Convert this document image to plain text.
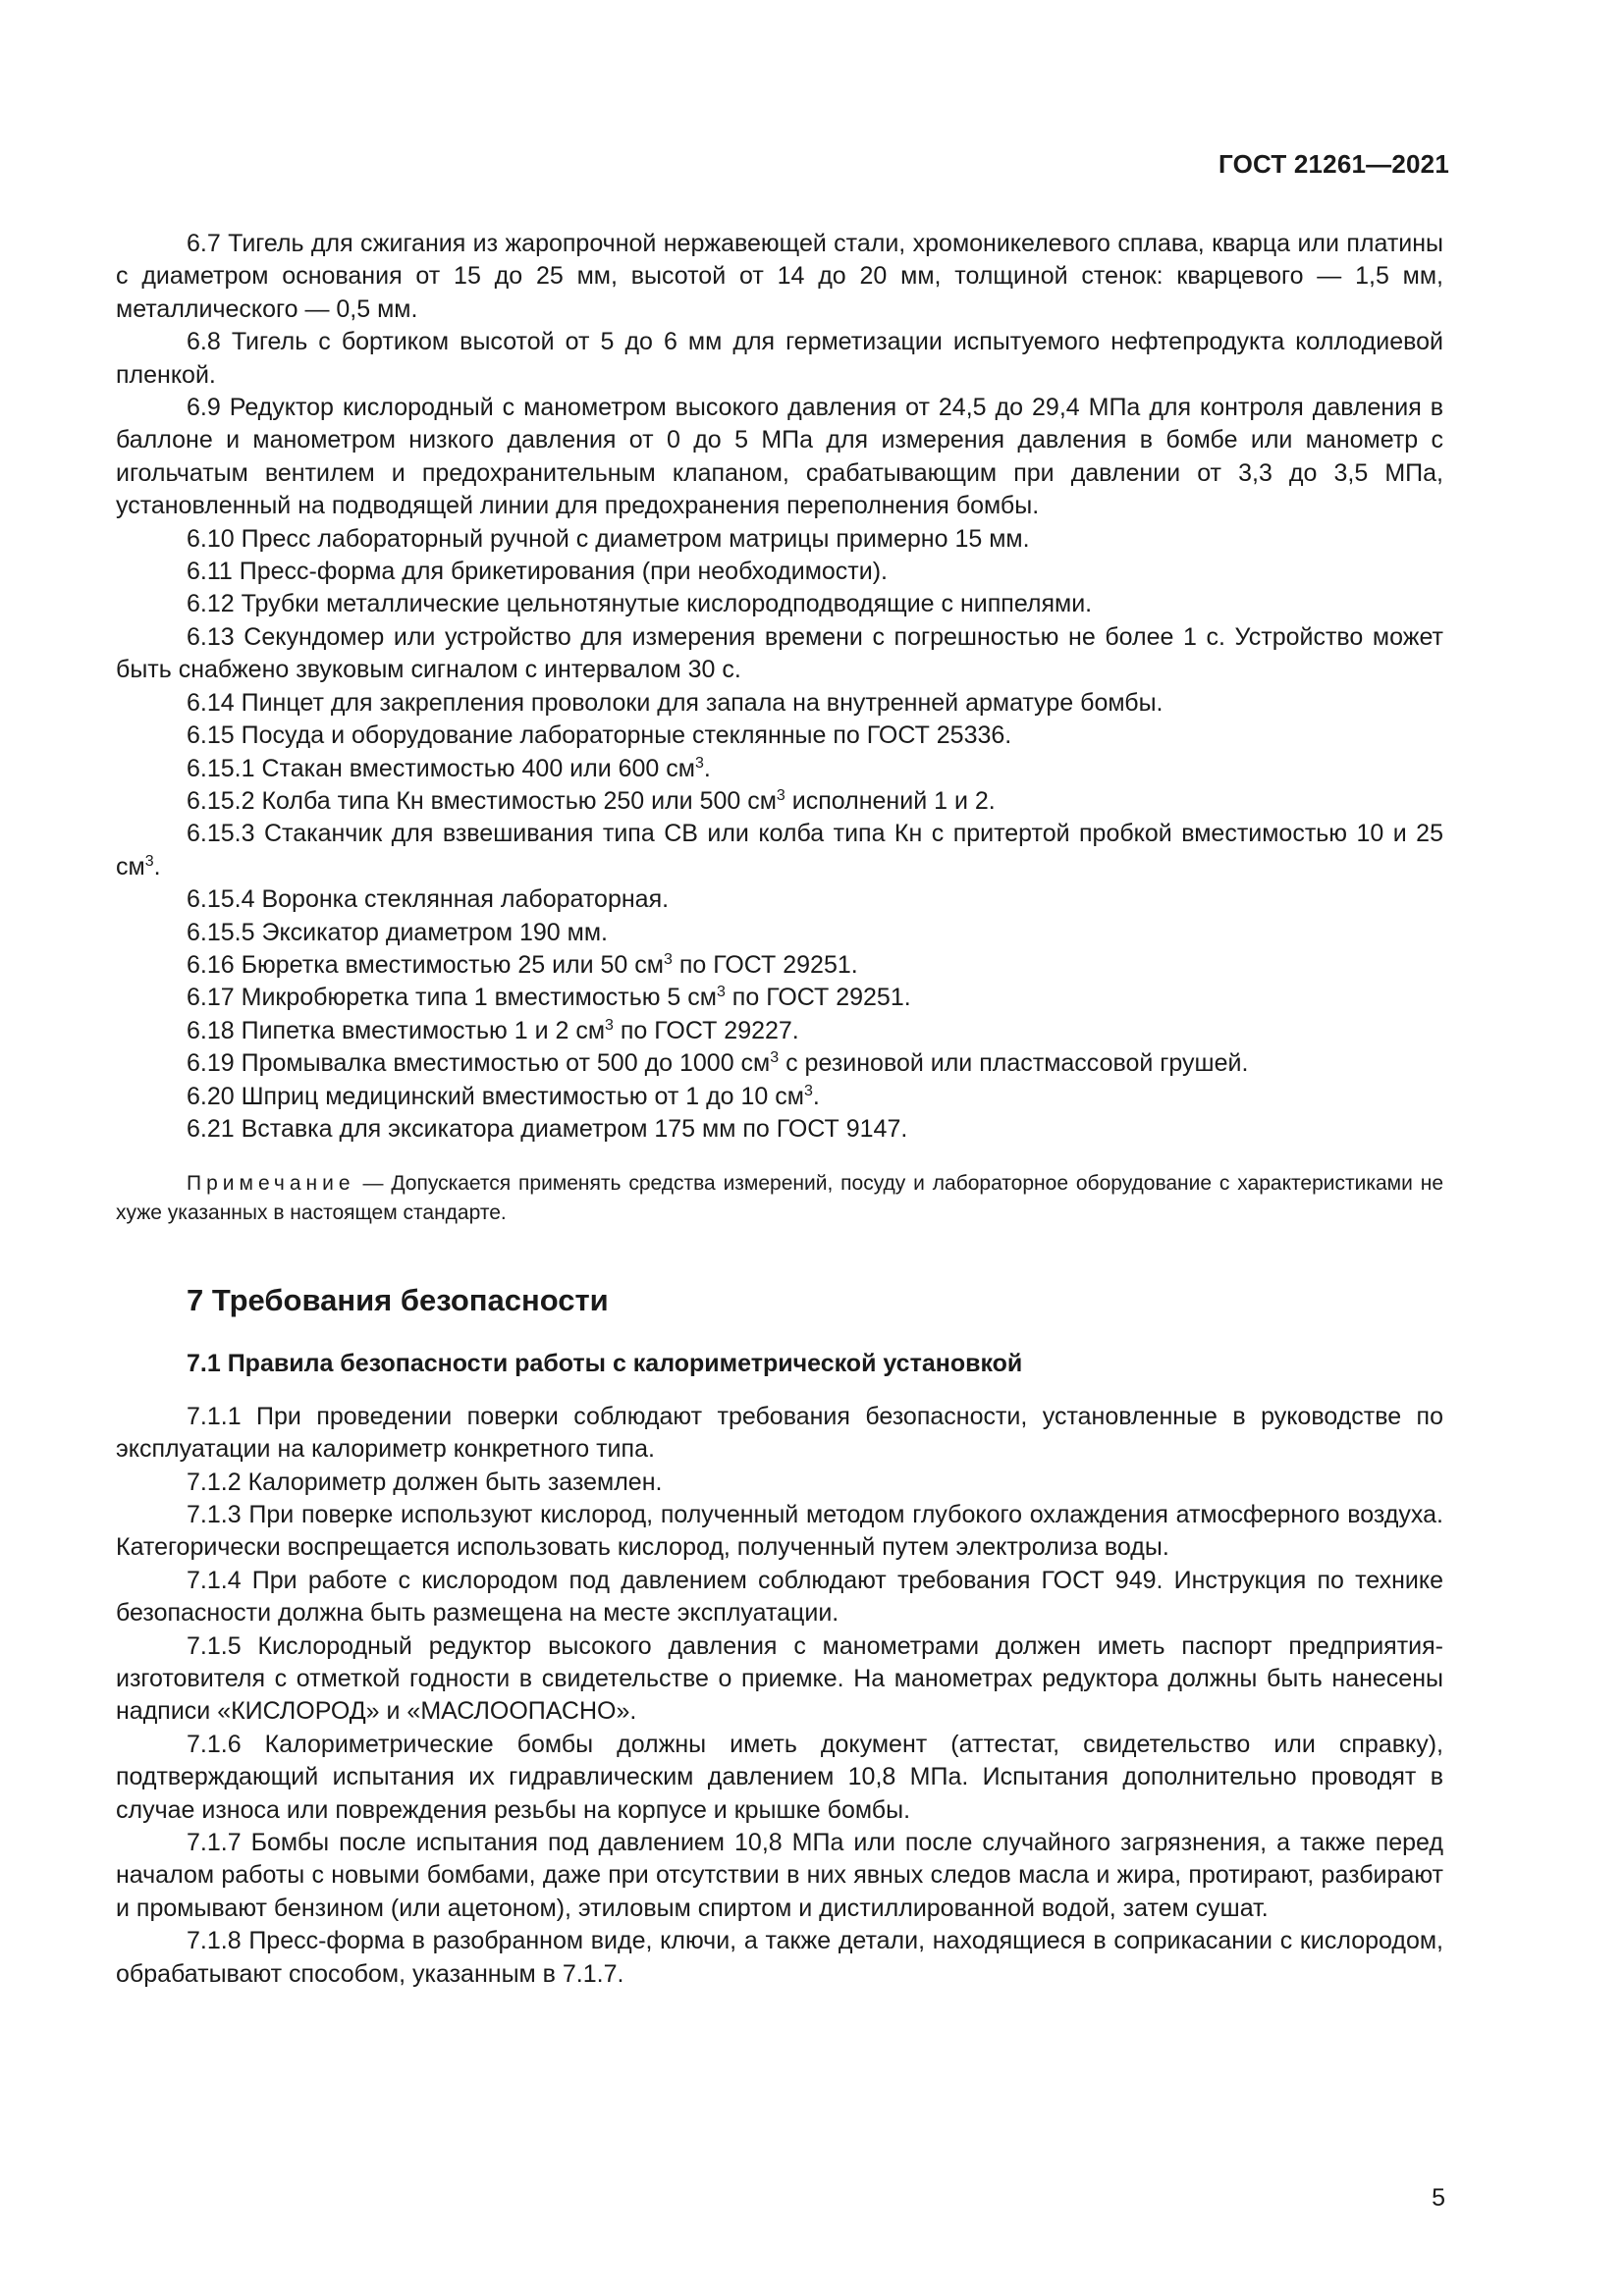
ГОСТ 21261—2021

6.7 Тигель для сжигания из жаропрочной нержавеющей стали, хромоникелевого сплава, кварца или платины с диаметром основания от 15 до 25 мм, высотой от 14 до 20 мм, толщиной стенок: кварцевого — 1,5 мм, металлического — 0,5 мм.

6.8 Тигель с бортиком высотой от 5 до 6 мм для герметизации испытуемого нефтепродукта коллодиевой пленкой.

6.9 Редуктор кислородный с манометром высокого давления от 24,5 до 29,4 МПа для контроля давления в баллоне и манометром низкого давления от 0 до 5 МПа для измерения давления в бомбе или манометр с игольчатым вентилем и предохранительным клапаном, срабатывающим при давлении от 3,3 до 3,5 МПа, установленный на подводящей линии для предохранения переполнения бомбы.

6.10 Пресс лабораторный ручной с диаметром матрицы примерно 15 мм.

6.11 Пресс-форма для брикетирования (при необходимости).

6.12 Трубки металлические цельнотянутые кислородподводящие с ниппелями.

6.13 Секундомер или устройство для измерения времени с погрешностью не более 1 с. Устройство может быть снабжено звуковым сигналом с интервалом 30 с.

6.14 Пинцет для закрепления проволоки для запала на внутренней арматуре бомбы.

6.15 Посуда и оборудование лабораторные стеклянные по ГОСТ 25336.

6.15.1 Стакан вместимостью 400 или 600 $см^3$.

6.15.2 Колба типа Кн вместимостью 250 или 500 $см^3$ исполнений 1 и 2.

6.15.3 Стаканчик для взвешивания типа СВ или колба типа Кн с притертой пробкой вместимостью 10 и 25 $см^3$.

6.15.4 Воронка стеклянная лабораторная.

6.15.5 Эксикатор диаметром 190 мм.

6.16 Бюретка вместимостью 25 или 50 $см^3$ по ГОСТ 29251.

6.17 Микробюретка типа 1 вместимостью 5 $см^3$ по ГОСТ 29251.

6.18 Пипетка вместимостью 1 и 2 $см^3$ по ГОСТ 29227.

6.19 Промывалка вместимостью от 500 до 1000 $см^3$ с резиновой или пластмассовой грушей.

6.20 Шприц медицинский вместимостью от 1 до 10 $см^3$.

6.21 Вставка для эксикатора диаметром 175 мм по ГОСТ 9147.

Примечание — Допускается применять средства измерений, посуду и лабораторное оборудование с характеристиками не хуже указанных в настоящем стандарте.

7 Требования безопасности

7.1 Правила безопасности работы с калориметрической установкой

7.1.1 При проведении поверки соблюдают требования безопасности, установленные в руководстве по эксплуатации на калориметр конкретного типа.

7.1.2 Калориметр должен быть заземлен.

7.1.3 При поверке используют кислород, полученный методом глубокого охлаждения атмосферного воздуха. Категорически воспрещается использовать кислород, полученный путем электролиза воды.

7.1.4 При работе с кислородом под давлением соблюдают требования ГОСТ 949. Инструкция по технике безопасности должна быть размещена на месте эксплуатации.

7.1.5 Кислородный редуктор высокого давления с манометрами должен иметь паспорт предприятия-изготовителя с отметкой годности в свидетельстве о приемке. На манометрах редуктора должны быть нанесены надписи «КИСЛОРОД» и «МАСЛООПАСНО».

7.1.6 Калориметрические бомбы должны иметь документ (аттестат, свидетельство или справку), подтверждающий испытания их гидравлическим давлением 10,8 МПа. Испытания дополнительно проводят в случае износа или повреждения резьбы на корпусе и крышке бомбы.

7.1.7 Бомбы после испытания под давлением 10,8 МПа или после случайного загрязнения, а также перед началом работы с новыми бомбами, даже при отсутствии в них явных следов масла и жира, протирают, разбирают и промывают бензином (или ацетоном), этиловым спиртом и дистиллированной водой, затем сушат.

7.1.8 Пресс-форма в разобранном виде, ключи, а также детали, находящиеся в соприкасании с кислородом, обрабатывают способом, указанным в 7.1.7.

5
